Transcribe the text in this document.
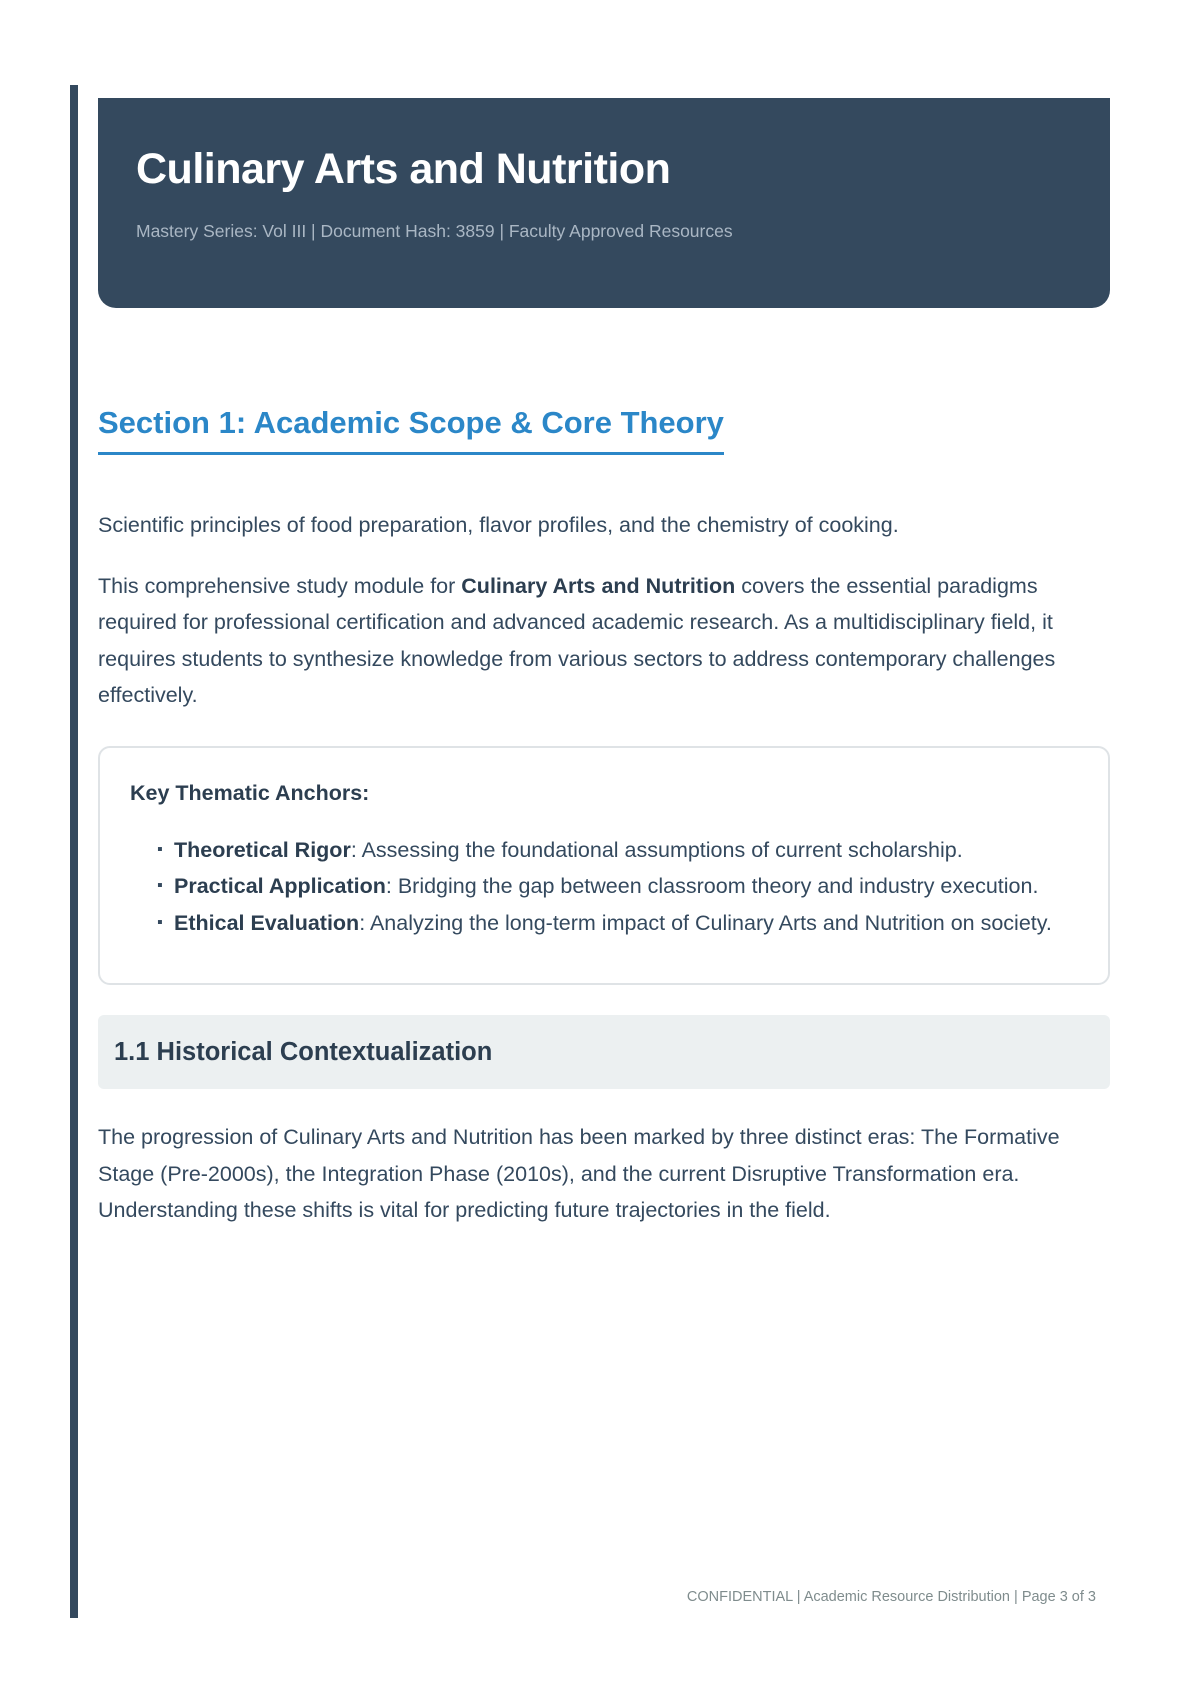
Culinary Arts and Nutrition
Mastery Series: Vol III | Document Hash: 3859 | Faculty Approved Resources
Section 1: Academic Scope & Core Theory

Scientific principles of food preparation, flavor profiles, and the chemistry of cooking.

This comprehensive study module for Culinary Arts and Nutrition covers the essential paradigms required for professional certification and advanced academic research. As a multidisciplinary field, it requires students to synthesize knowledge from various sectors to address contemporary challenges effectively.

Key Thematic Anchors:
▪ Theoretical Rigor: Assessing the foundational assumptions of current scholarship.
▪ Practical Application: Bridging the gap between classroom theory and industry execution.
▪ Ethical Evaluation: Analyzing the long-term impact of Culinary Arts and Nutrition on society.
1.1 Historical Contextualization

The progression of Culinary Arts and Nutrition has been marked by three distinct eras: The Formative Stage (Pre-2000s), the Integration Phase (2010s), and the current Disruptive Transformation era. Understanding these shifts is vital for predicting future trajectories in the field.

CONFIDENTIAL | Academic Resource Distribution | Page 3 of 3
